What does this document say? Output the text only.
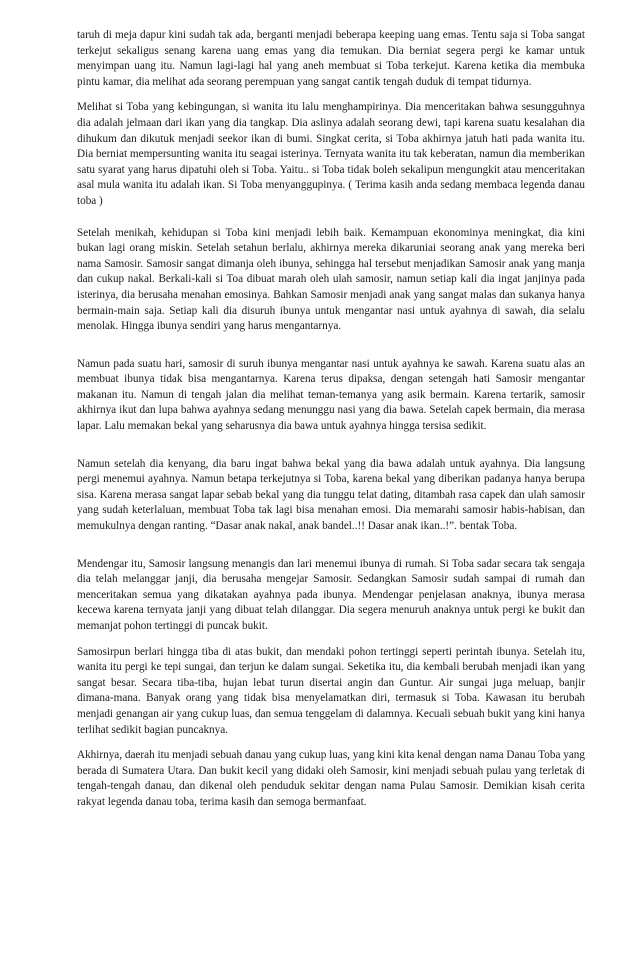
taruh di meja dapur kini sudah tak ada, berganti menjadi beberapa keeping uang emas. Tentu saja si Toba sangat terkejut sekaligus senang karena uang emas yang dia temukan. Dia berniat segera pergi ke kamar untuk menyimpan uang itu. Namun lagi-lagi hal yang aneh membuat si Toba terkejut. Karena ketika dia membuka pintu kamar, dia melihat ada seorang perempuan yang sangat cantik tengah duduk di tempat tidurnya.

Melihat si Toba yang kebingungan, si wanita itu lalu menghampirinya. Dia menceritakan bahwa sesungguhnya dia adalah jelmaan dari ikan yang dia tangkap. Dia aslinya adalah seorang dewi, tapi karena suatu kesalahan dia dihukum dan dikutuk menjadi seekor ikan di bumi. Singkat cerita, si Toba akhirnya jatuh hati pada wanita itu. Dia berniat mempersunting wanita itu seagai isterinya. Ternyata wanita itu tak keberatan, namun dia memberikan satu syarat yang harus dipatuhi oleh si Toba. Yaitu.. si Toba tidak boleh sekalipun mengungkit atau menceritakan asal mula wanita itu adalah ikan. Si Toba menyanggupinya. ( Terima kasih anda sedang membaca legenda danau toba )

Setelah menikah, kehidupan si Toba kini menjadi lebih baik. Kemampuan ekonominya meningkat, dia kini bukan lagi orang miskin. Setelah setahun berlalu, akhirnya mereka dikaruniai seorang anak yang mereka beri nama Samosir. Samosir sangat dimanja oleh ibunya, sehingga hal tersebut menjadikan Samosir anak yang manja dan cukup nakal. Berkali-kali si Toa dibuat marah oleh ulah samosir, namun setiap kali dia ingat janjinya pada isterinya, dia berusaha menahan emosinya. Bahkan Samosir menjadi anak yang sangat malas dan sukanya hanya bermain-main saja. Setiap kali dia disuruh ibunya untuk mengantar nasi untuk ayahnya di sawah, dia selalu menolak. Hingga ibunya sendiri yang harus mengantarnya.

Namun pada suatu hari, samosir di suruh ibunya mengantar nasi untuk ayahnya ke sawah. Karena suatu alas an membuat ibunya tidak bisa mengantarnya. Karena terus dipaksa, dengan setengah hati Samosir mengantar makanan itu. Namun di tengah jalan dia melihat teman-temanya yang asik bermain. Karena tertarik, samosir akhirnya ikut dan lupa bahwa ayahnya sedang menunggu nasi yang dia bawa. Setelah capek bermain, dia merasa lapar. Lalu memakan bekal yang seharusnya dia bawa untuk ayahnya hingga tersisa sedikit.

Namun setelah dia kenyang, dia baru ingat bahwa bekal yang dia bawa adalah untuk ayahnya. Dia langsung pergi menemui ayahnya. Namun betapa terkejutnya si Toba, karena bekal yang diberikan padanya hanya berupa sisa. Karena merasa sangat lapar sebab bekal yang dia tunggu telat dating, ditambah rasa capek dan ulah samosir yang sudah keterlaluan, membuat Toba tak lagi bisa menahan emosi. Dia memarahi samosir habis-habisan, dan memukulnya dengan ranting. “Dasar anak nakal, anak bandel..!! Dasar anak ikan..!”. bentak Toba.

Mendengar itu, Samosir langsung menangis dan lari menemui ibunya di rumah. Si Toba sadar secara tak sengaja dia telah melanggar janji, dia berusaha mengejar Samosir. Sedangkan Samosir sudah sampai di rumah dan menceritakan semua yang dikatakan ayahnya pada ibunya. Mendengar penjelasan anaknya, ibunya merasa kecewa karena ternyata janji yang dibuat telah dilanggar. Dia segera menuruh anaknya untuk pergi ke bukit dan memanjat pohon tertinggi di puncak bukit.

Samosirpun berlari hingga tiba di atas bukit, dan mendaki pohon tertinggi seperti perintah ibunya. Setelah itu, wanita itu pergi ke tepi sungai, dan terjun ke dalam sungai. Seketika itu, dia kembali berubah menjadi ikan yang sangat besar. Secara tiba-tiba, hujan lebat turun disertai angin dan Guntur. Air sungai juga meluap, banjir dimana-mana. Banyak orang yang tidak bisa menyelamatkan diri, termasuk si Toba. Kawasan itu berubah menjadi genangan air yang cukup luas, dan semua tenggelam di dalamnya. Kecuali sebuah bukit yang kini hanya terlihat sedikit bagian puncaknya.

Akhirnya, daerah itu menjadi sebuah danau yang cukup luas, yang kini kita kenal dengan nama Danau Toba yang berada di Sumatera Utara. Dan bukit kecil yang didaki oleh Samosir, kini menjadi sebuah pulau yang terletak di tengah-tengah danau, dan dikenal oleh penduduk sekitar dengan nama Pulau Samosir. Demikian kisah cerita rakyat legenda danau toba, terima kasih dan semoga bermanfaat.
